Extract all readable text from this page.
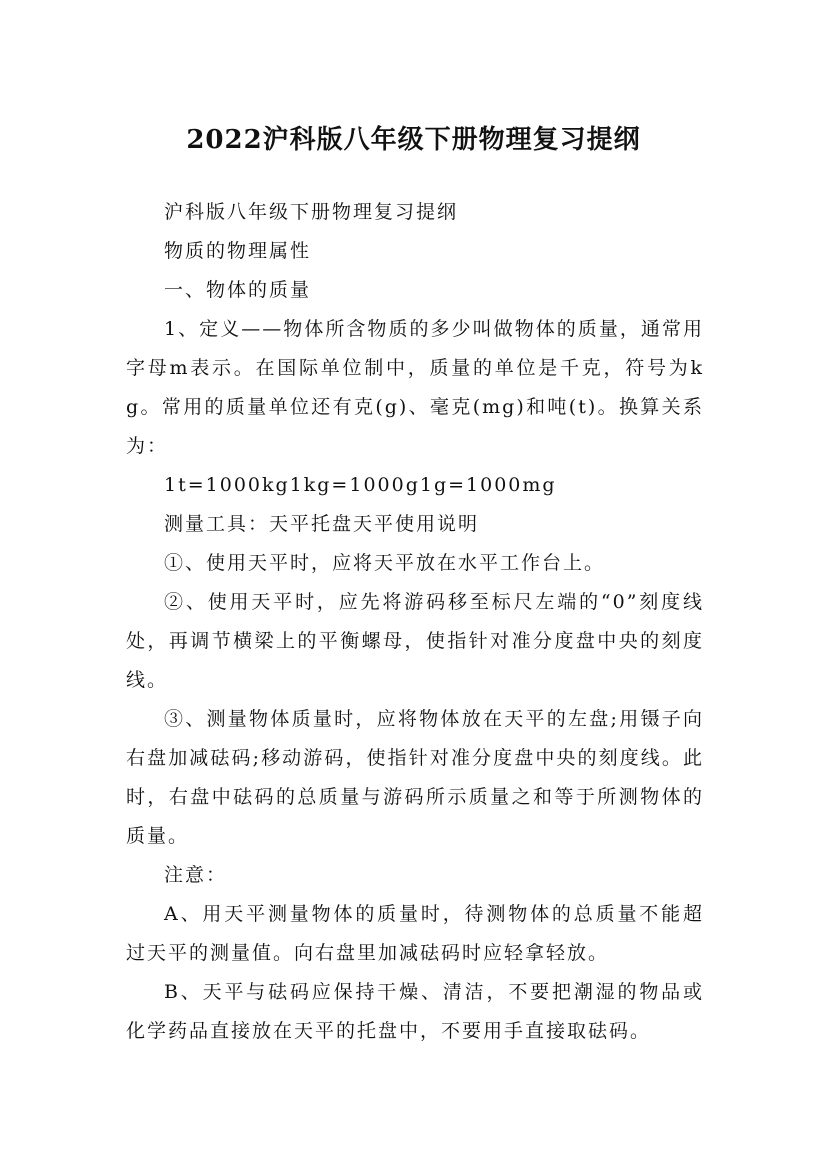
2022沪科版八年级下册物理复习提纲

沪科版八年级下册物理复习提纲

物质的物理属性

一、物体的质量

1、定义——物体所含物质的多少叫做物体的质量，通常用字母m表示。在国际单位制中，质量的单位是千克，符号为kg。常用的质量单位还有克(g)、毫克(mg)和吨(t)。换算关系为：

1t=1000kg1kg=1000g1g=1000mg

测量工具：天平托盘天平使用说明

①、使用天平时，应将天平放在水平工作台上。

②、使用天平时，应先将游码移至标尺左端的“0”刻度线处，再调节横梁上的平衡螺母，使指针对准分度盘中央的刻度线。

③、测量物体质量时，应将物体放在天平的左盘;用镊子向右盘加减砝码;移动游码，使指针对准分度盘中央的刻度线。此时，右盘中砝码的总质量与游码所示质量之和等于所测物体的质量。

注意：

A、用天平测量物体的质量时，待测物体的总质量不能超过天平的测量值。向右盘里加减砝码时应轻拿轻放。

B、天平与砝码应保持干燥、清洁，不要把潮湿的物品或化学药品直接放在天平的托盘中，不要用手直接取砝码。
